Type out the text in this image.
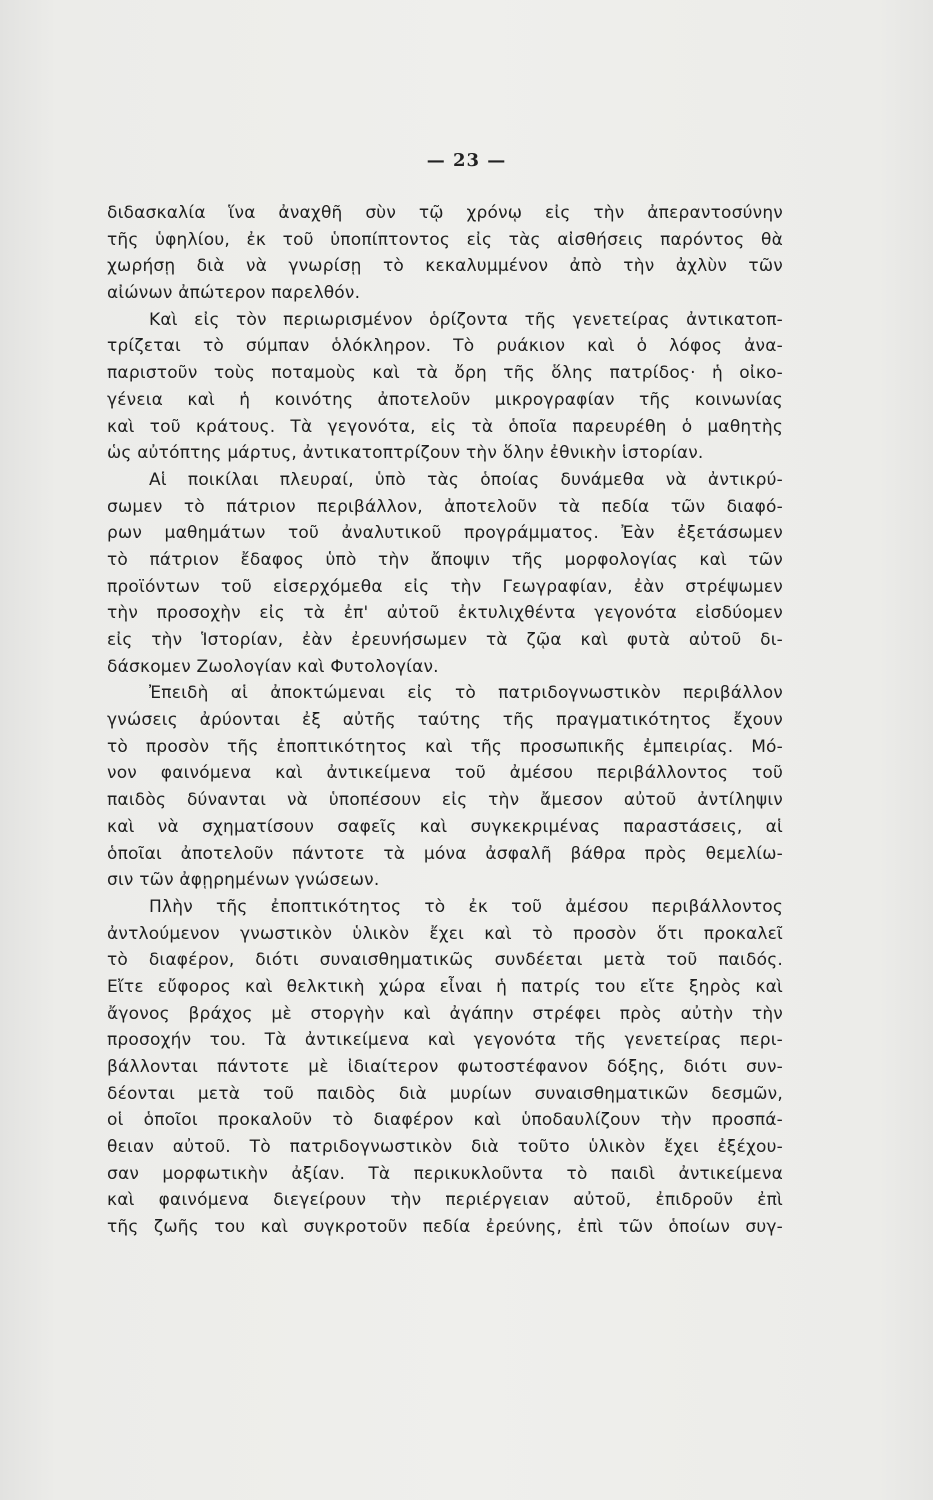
— 23 —
διδασκαλία ἵνα ἀναχθῆ σὺν τῷ χρόνῳ εἰς τὴν ἀπεραντοσύνην
τῆς ὑφηλίου, ἐκ τοῦ ὑποπίπτοντος εἰς τὰς αἰσθήσεις παρόντος θὰ
χωρήσῃ διὰ νὰ γνωρίσῃ τὸ κεκαλυμμένον ἀπὸ τὴν ἀχλὺν τῶν
αἰώνων ἀπώτερον παρελθόν.
Καὶ εἰς τὸν περιωρισμένον ὁρίζοντα τῆς γενετείρας ἀντικατοπ-
τρίζεται τὸ σύμπαν ὁλόκληρον. Τὸ ρυάκιον καὶ ὁ λόφος ἀνα-
παριστοῦν τοὺς ποταμοὺς καὶ τὰ ὄρη τῆς ὅλης πατρίδος· ἡ οἰκο-
γένεια καὶ ἡ κοινότης ἀποτελοῦν μικρογραφίαν τῆς κοινωνίας
καὶ τοῦ κράτους. Τὰ γεγονότα, εἰς τὰ ὁποῖα παρευρέθη ὁ μαθητὴς
ὡς αὐτόπτης μάρτυς, ἀντικατοπτρίζουν τὴν ὅλην ἐθνικὴν ἱστορίαν.
Αἱ ποικίλαι πλευραί, ὑπὸ τὰς ὁποίας δυνάμεθα νὰ ἀντικρύ-
σωμεν τὸ πάτριον περιβάλλον, ἀποτελοῦν τὰ πεδία τῶν διαφό-
ρων μαθημάτων τοῦ ἀναλυτικοῦ προγράμματος. Ἐὰν ἐξετάσωμεν
τὸ πάτριον ἔδαφος ὑπὸ τὴν ἄποψιν τῆς μορφολογίας καὶ τῶν
προϊόντων τοῦ εἰσερχόμεθα εἰς τὴν Γεωγραφίαν, ἐὰν στρέψωμεν
τὴν προσοχὴν εἰς τὰ ἐπ' αὐτοῦ ἐκτυλιχθέντα γεγονότα εἰσδύομεν
εἰς τὴν Ἱστορίαν, ἐὰν ἐρευνήσωμεν τὰ ζῷα καὶ φυτὰ αὐτοῦ δι-
δάσκομεν Ζωολογίαν καὶ Φυτολογίαν.
Ἐπειδὴ αἱ ἀποκτώμεναι εἰς τὸ πατριδογνωστικὸν περιβάλλον
γνώσεις ἀρύονται ἐξ αὐτῆς ταύτης τῆς πραγματικότητος ἔχουν
τὸ προσὸν τῆς ἐποπτικότητος καὶ τῆς προσωπικῆς ἐμπειρίας. Μό-
νον φαινόμενα καὶ ἀντικείμενα τοῦ ἀμέσου περιβάλλοντος τοῦ
παιδὸς δύνανται νὰ ὑποπέσουν εἰς τὴν ἄμεσον αὐτοῦ ἀντίληψιν
καὶ νὰ σχηματίσουν σαφεῖς καὶ συγκεκριμένας παραστάσεις, αἱ
ὁποῖαι ἀποτελοῦν πάντοτε τὰ μόνα ἀσφαλῆ βάθρα πρὸς θεμελίω-
σιν τῶν ἀφῃρημένων γνώσεων.
Πλὴν τῆς ἐποπτικότητος τὸ ἐκ τοῦ ἀμέσου περιβάλλοντος
ἀντλούμενον γνωστικὸν ὑλικὸν ἔχει καὶ τὸ προσὸν ὅτι προκαλεῖ
τὸ διαφέρον, διότι συναισθηματικῶς συνδέεται μετὰ τοῦ παιδός.
Εἴτε εὔφορος καὶ θελκτικὴ χώρα εἶναι ἡ πατρίς του εἴτε ξηρὸς καὶ
ἄγονος βράχος μὲ στοργὴν καὶ ἀγάπην στρέφει πρὸς αὐτὴν τὴν
προσοχήν του. Τὰ ἀντικείμενα καὶ γεγονότα τῆς γενετείρας περι-
βάλλονται πάντοτε μὲ ἰδιαίτερον φωτοστέφανον δόξης, διότι συν-
δέονται μετὰ τοῦ παιδὸς διὰ μυρίων συναισθηματικῶν δεσμῶν,
οἱ ὁποῖοι προκαλοῦν τὸ διαφέρον καὶ ὑποδαυλίζουν τὴν προσπά-
θειαν αὐτοῦ. Τὸ πατριδογνωστικὸν διὰ τοῦτο ὑλικὸν ἔχει ἐξέχου-
σαν μορφωτικὴν ἀξίαν. Τὰ περικυκλοῦντα τὸ παιδὶ ἀντικείμενα
καὶ φαινόμενα διεγείρουν τὴν περιέργειαν αὐτοῦ, ἐπιδροῦν ἐπὶ
τῆς ζωῆς του καὶ συγκροτοῦν πεδία ἐρεύνης, ἐπὶ τῶν ὁποίων συγ-
